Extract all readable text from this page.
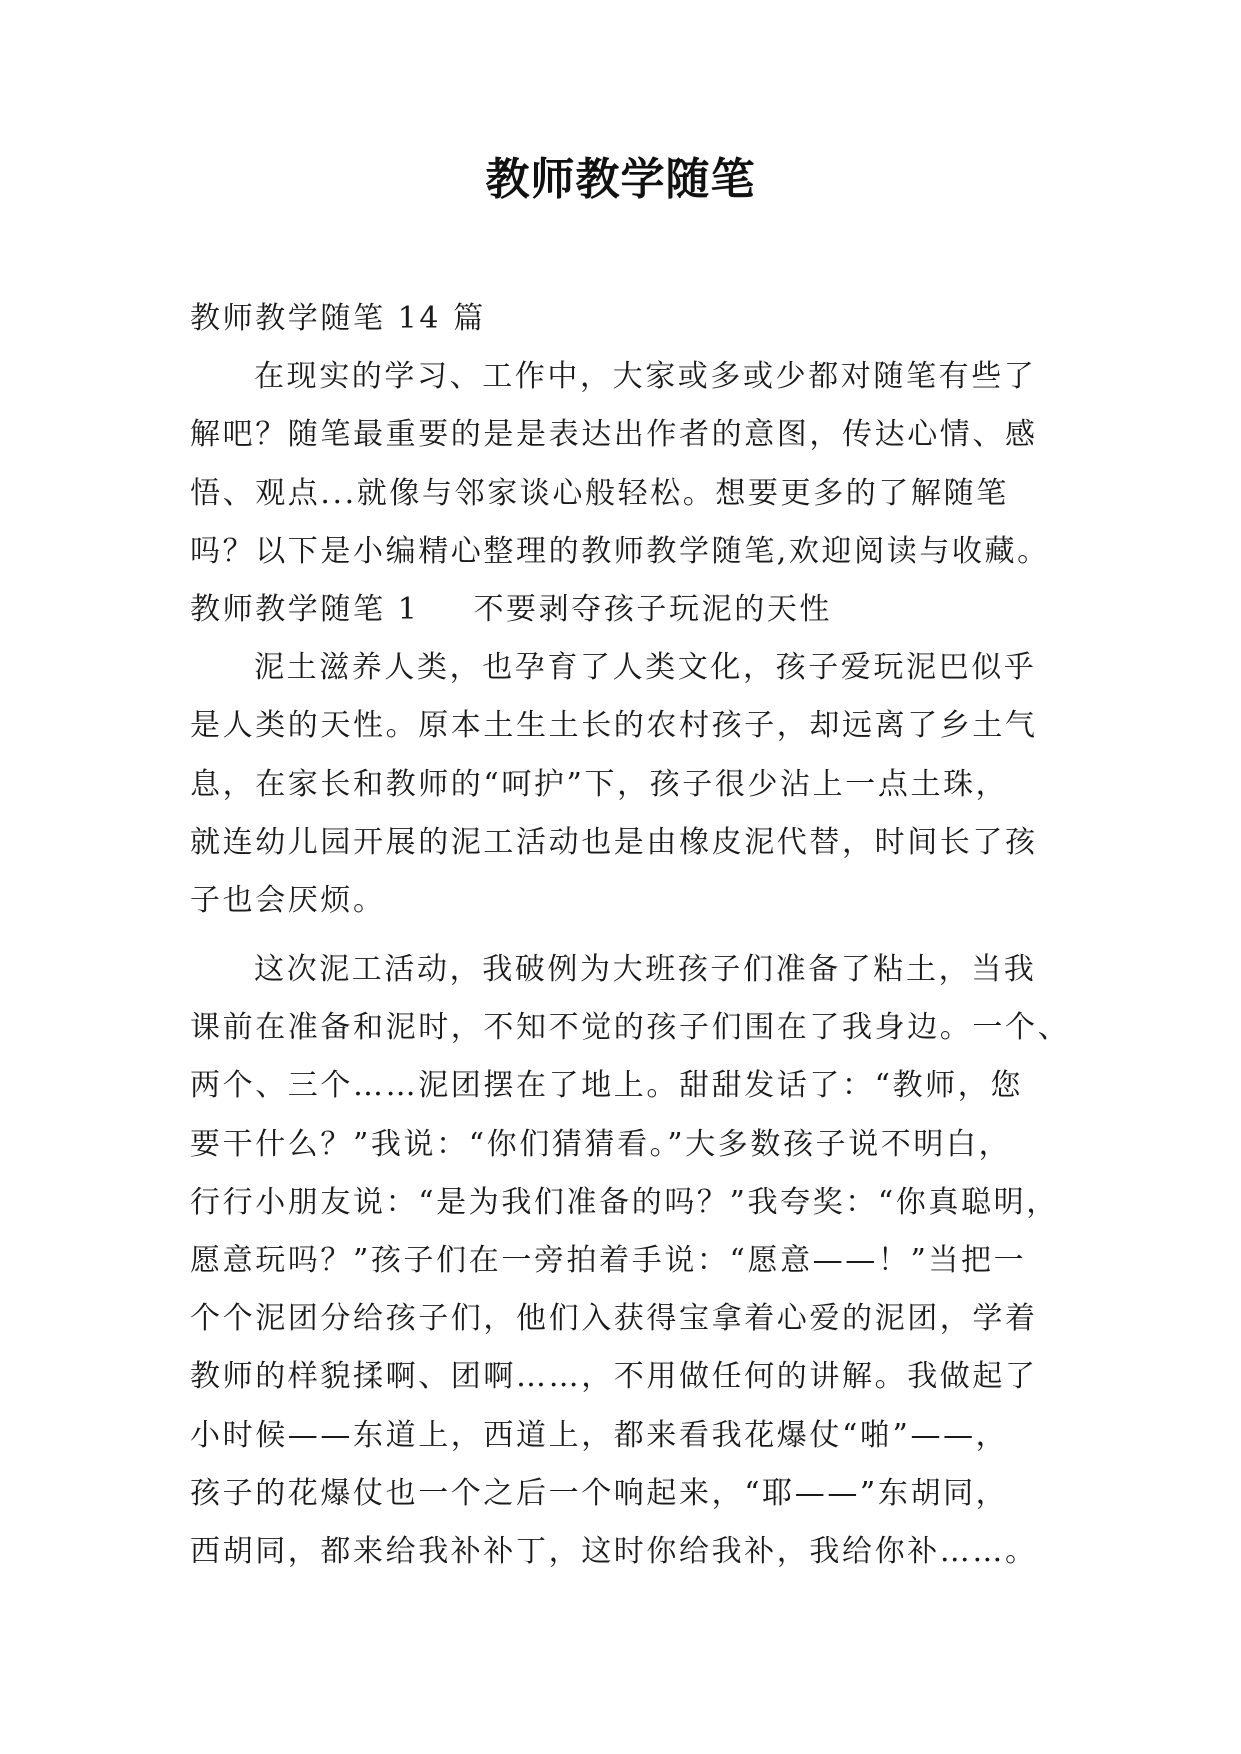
教师教学随笔
教师教学随笔 14 篇
在现实的学习、工作中，大家或多或少都对随笔有些了
解吧？随笔最重要的是是表达出作者的意图，传达心情、感
悟、观点...就像与邻家谈心般轻松。想要更多的了解随笔
吗？以下是小编精心整理的教师教学随笔,欢迎阅读与收藏。
教师教学随笔 1 不要剥夺孩子玩泥的天性
泥土滋养人类，也孕育了人类文化，孩子爱玩泥巴似乎
是人类的天性。原本土生土长的农村孩子，却远离了乡土气
息，在家长和教师的“呵护”下，孩子很少沾上一点土珠，
就连幼儿园开展的泥工活动也是由橡皮泥代替，时间长了孩
子也会厌烦。
这次泥工活动，我破例为大班孩子们准备了粘土，当我
课前在准备和泥时，不知不觉的孩子们围在了我身边。一个、
两个、三个……泥团摆在了地上。甜甜发话了：“教师，您
要干什么？”我说：“你们猜猜看。”大多数孩子说不明白，
行行小朋友说：“是为我们准备的吗？”我夸奖：“你真聪明，
愿意玩吗？”孩子们在一旁拍着手说：“愿意——！”当把一
个个泥团分给孩子们，他们入获得宝拿着心爱的泥团，学着
教师的样貌揉啊、团啊……，不用做任何的讲解。我做起了
小时候——东道上，西道上，都来看我花爆仗“啪”——，
孩子的花爆仗也一个之后一个响起来，“耶——”东胡同，
西胡同，都来给我补补丁，这时你给我补，我给你补……。
